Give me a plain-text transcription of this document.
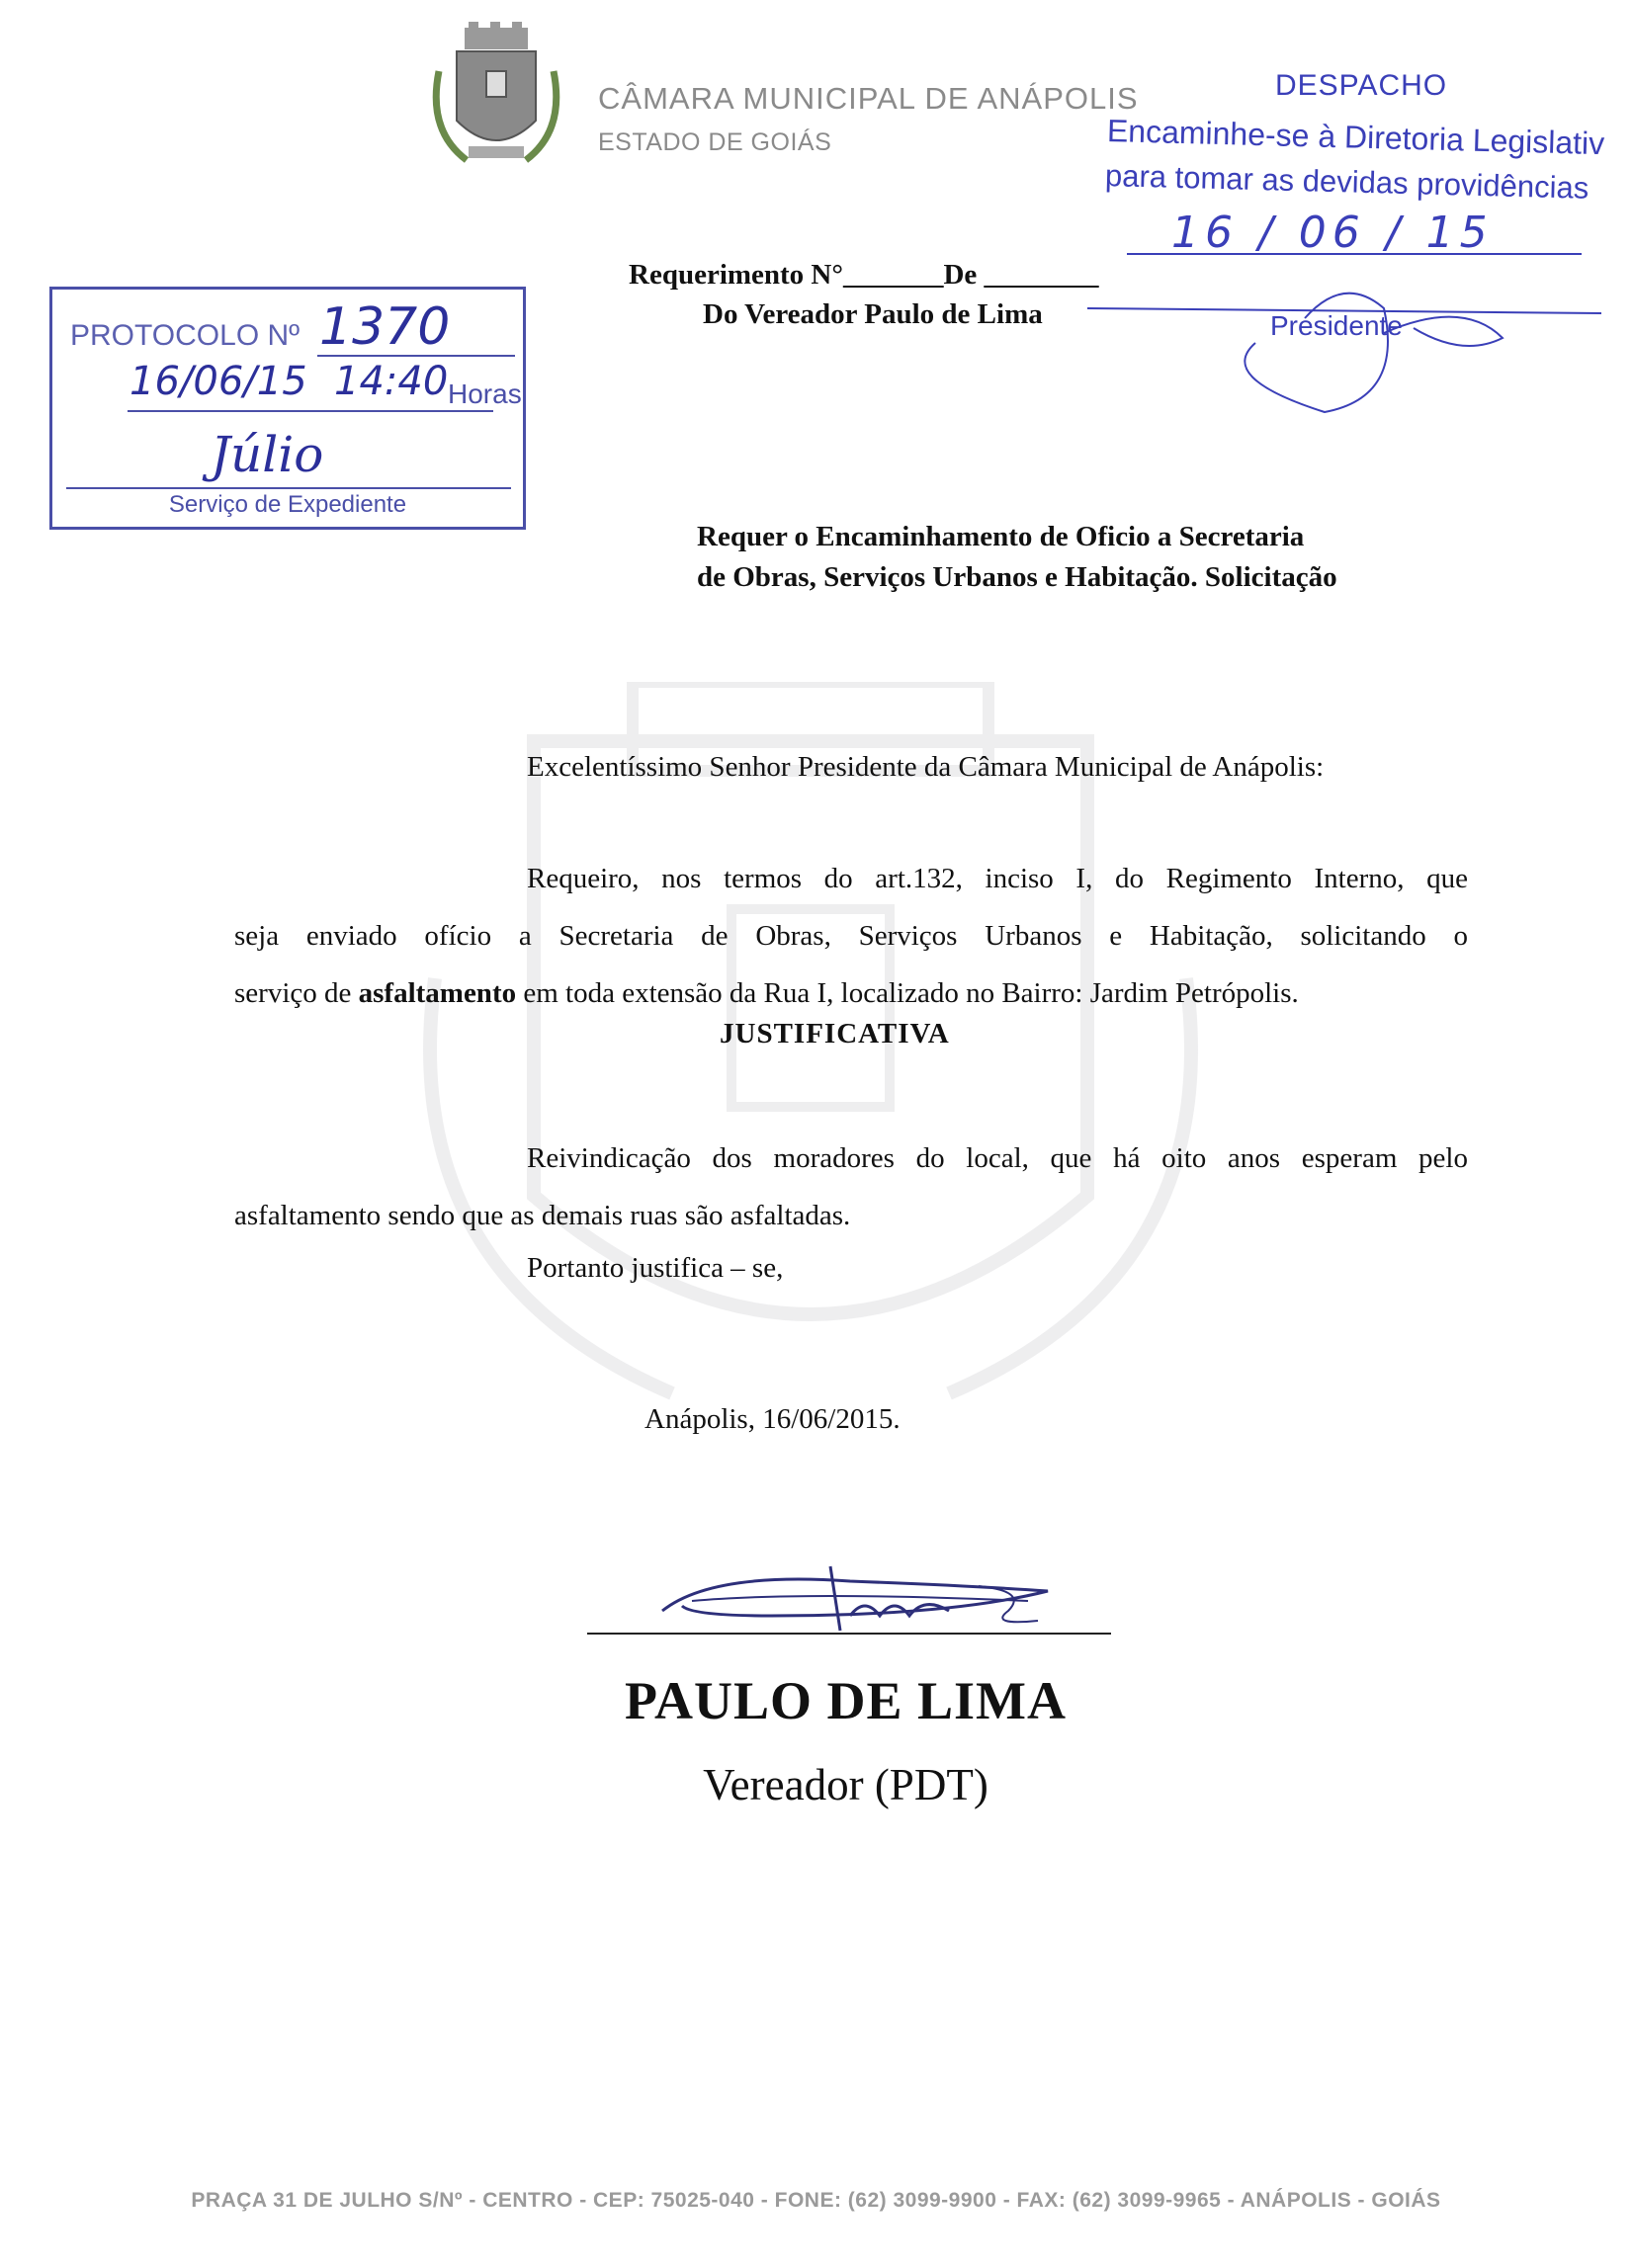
CÂMARA MUNICIPAL DE ANÁPOLIS
ESTADO DE GOIÁS
DESPACHO
Encaminhe-se à Diretoria Legislativ
para tomar as devidas providências
16 / 06 / 15
Presidente
PROTOCOLO Nº 1370
16/06/15 14:40 Horas
Júlio
Serviço de Expediente
Requerimento N°_______De ________
Do Vereador Paulo de Lima
Requer o Encaminhamento de Oficio a Secretaria
de Obras, Serviços Urbanos e Habitação. Solicitação
Excelentíssimo Senhor Presidente da Câmara Municipal de Anápolis:
Requeiro, nos termos do art.132, inciso I, do Regimento Interno, que
seja enviado ofício a Secretaria de Obras, Serviços Urbanos e Habitação, solicitando o
serviço de asfaltamento em toda extensão da Rua I, localizado no Bairro: Jardim Petrópolis.
JUSTIFICATIVA
Reivindicação dos moradores do local, que há oito anos esperam pelo
asfaltamento sendo que as demais ruas são asfaltadas.
Portanto justifica – se,
Anápolis, 16/06/2015.
PAULO DE LIMA
Vereador (PDT)
PRAÇA 31 DE JULHO S/Nº - CENTRO - CEP: 75025-040 - FONE: (62) 3099-9900 - FAX: (62) 3099-9965 - ANÁPOLIS - GOIÁS
